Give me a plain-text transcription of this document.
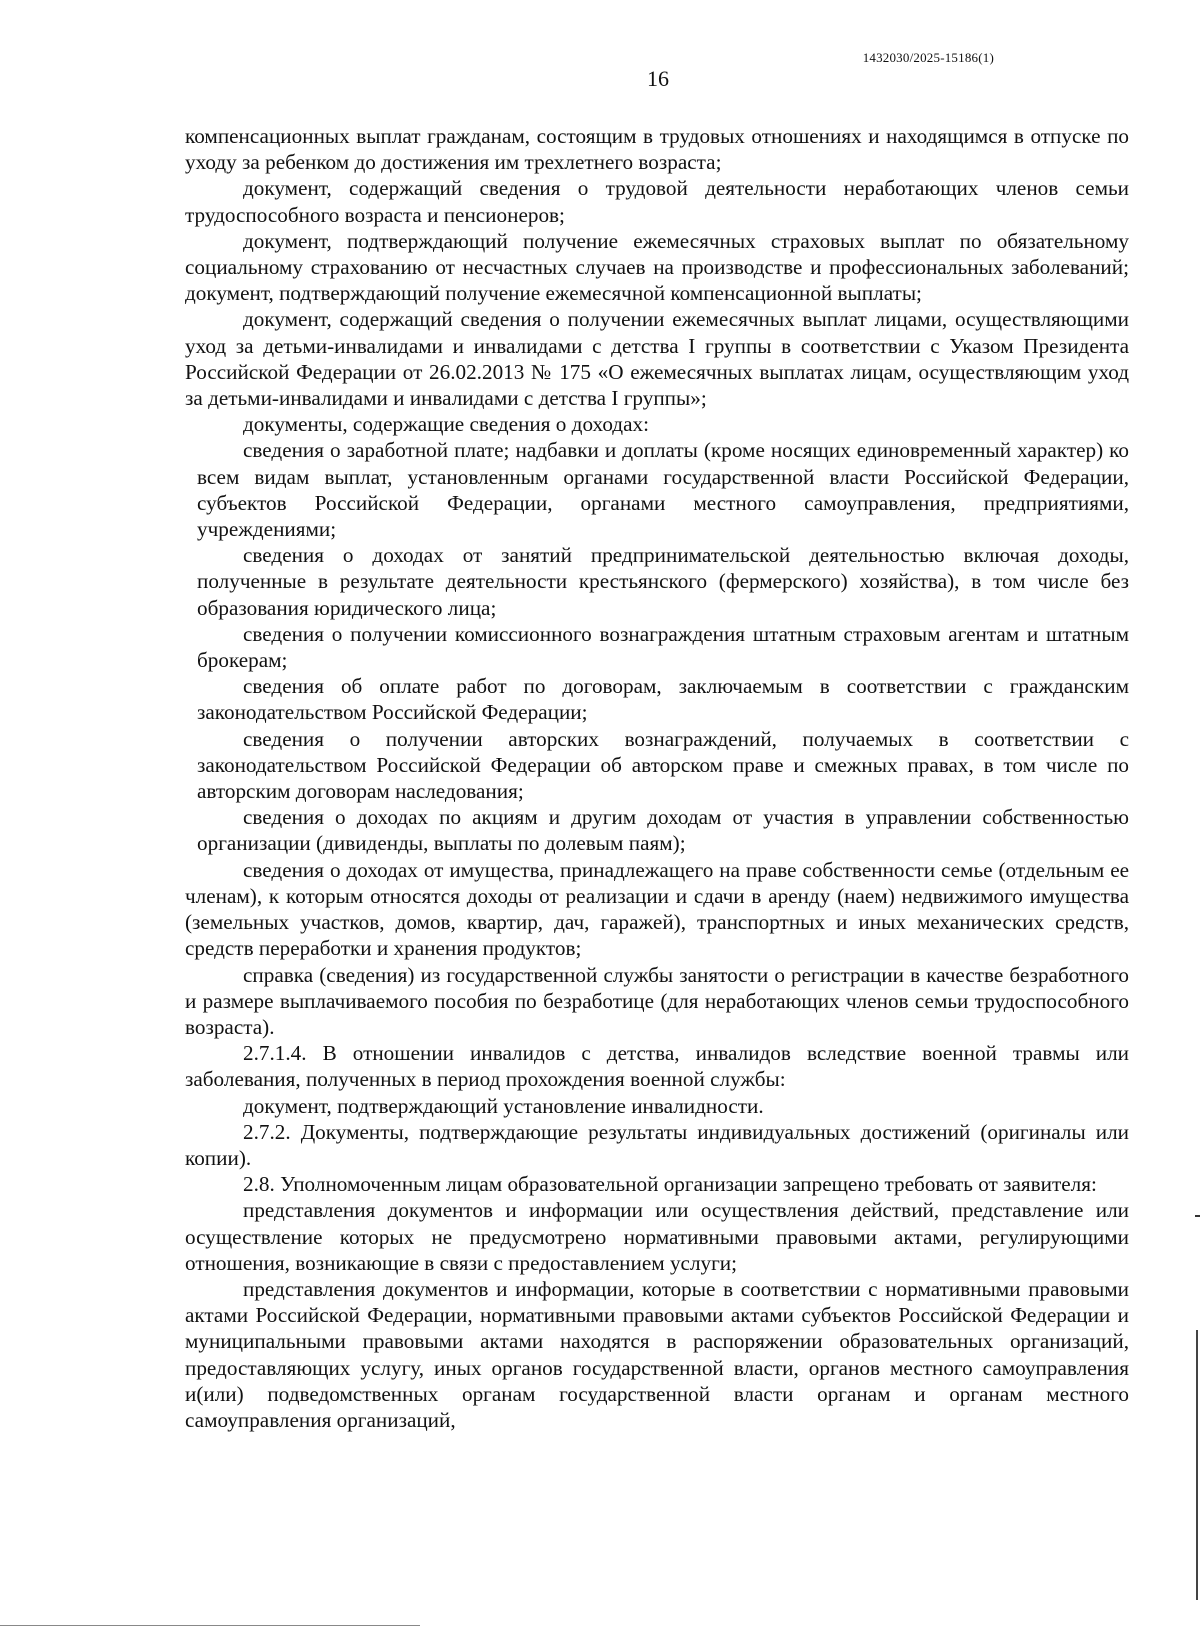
1432030/2025-15186(1)
16

компенсационных выплат гражданам, состоящим в трудовых отношениях и находящимся в отпуске по уходу за ребенком до достижения им трехлетнего возраста;

документ, содержащий сведения о трудовой деятельности неработающих членов семьи трудоспособного возраста и пенсионеров;

документ, подтверждающий получение ежемесячных страховых выплат по обязательному социальному страхованию от несчастных случаев на производстве и профессиональных заболеваний; документ, подтверждающий получение ежемесячной компенсационной выплаты;

документ, содержащий сведения о получении ежемесячных выплат лицами, осуществляющими уход за детьми-инвалидами и инвалидами с детства I группы в соответствии с Указом Президента Российской Федерации от 26.02.2013 № 175 «О ежемесячных выплатах лицам, осуществляющим уход за детьми-инвалидами и инвалидами с детства I группы»;

документы, содержащие сведения о доходах:

сведения о заработной плате; надбавки и доплаты (кроме носящих единовременный характер) ко всем видам выплат, установленным органами государственной власти Российской Федерации, субъектов Российской Федерации, органами местного самоуправления, предприятиями, учреждениями;

сведения о доходах от занятий предпринимательской деятельностью включая доходы, полученные в результате деятельности крестьянского (фермерского) хозяйства), в том числе без образования юридического лица;

сведения о получении комиссионного вознаграждения штатным страховым агентам и штатным брокерам;

сведения об оплате работ по договорам, заключаемым в соответствии с гражданским законодательством Российской Федерации;

сведения о получении авторских вознаграждений, получаемых в соответствии с законодательством Российской Федерации об авторском праве и смежных правах, в том числе по авторским договорам наследования;

сведения о доходах по акциям и другим доходам от участия в управлении собственностью организации (дивиденды, выплаты по долевым паям);

сведения о доходах от имущества, принадлежащего на праве собственности семье (отдельным ее членам), к которым относятся доходы от реализации и сдачи в аренду (наем) недвижимого имущества (земельных участков, домов, квартир, дач, гаражей), транспортных и иных механических средств, средств переработки и хранения продуктов;

справка (сведения) из государственной службы занятости о регистрации в качестве безработного и размере выплачиваемого пособия по безработице (для неработающих членов семьи трудоспособного возраста).

2.7.1.4. В отношении инвалидов с детства, инвалидов вследствие военной травмы или заболевания, полученных в период прохождения военной службы:

документ, подтверждающий установление инвалидности.

2.7.2. Документы, подтверждающие результаты индивидуальных достижений (оригиналы или копии).

2.8. Уполномоченным лицам образовательной организации запрещено требовать от заявителя:

представления документов и информации или осуществления действий, представление или осуществление которых не предусмотрено нормативными правовыми актами, регулирующими отношения, возникающие в связи с предоставлением услуги;

представления документов и информации, которые в соответствии с нормативными правовыми актами Российской Федерации, нормативными правовыми актами субъектов Российской Федерации и муниципальными правовыми актами находятся в распоряжении образовательных организаций, предоставляющих услугу, иных органов государственной власти, органов местного самоуправления и(или) подведомственных органам государственной власти органам и органам местного самоуправления организаций,
